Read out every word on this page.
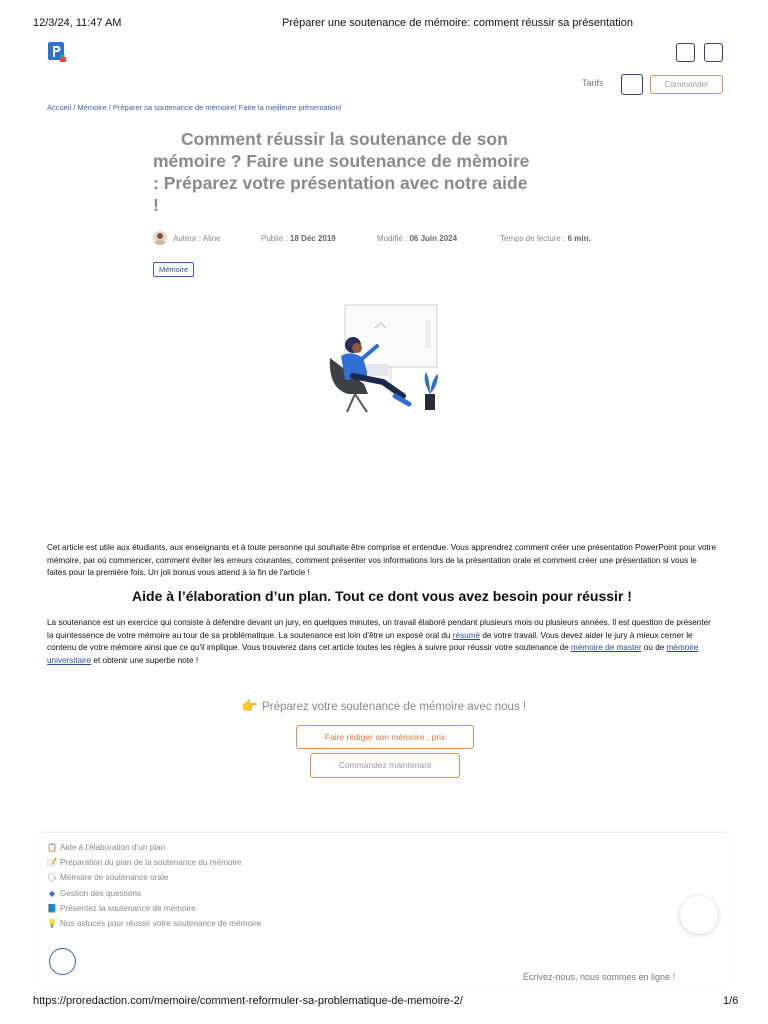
12/3/24, 11:47 AM	Préparer une soutenance de mémoire: comment réussir sa présentation
Tarifs	Commander
Accueil / Mémoire / Préparer sa soutenance de mémoire! Faire la meilleure présentation!
Comment réussir la soutenance de son mémoire ? Faire une soutenance de mèmoire : Préparez votre présentation avec notre aide !
Auteur : Aline	Publié : 18 Déc 2019	Modifié : 06 Juin 2024	Temps de lecture : 6 min.
Mémoire
Cet article est utile aux étudiants, aux enseignants et à toute personne qui souhaite être comprise et entendue. Vous apprendrez comment créer une présentation PowerPoint pour votre mémoire, par où commencer, comment éviter les erreurs courantes, comment présenter vos informations lors de la présentation orale et comment créer une présentation si vous le faites pour la première fois. Un joli bonus vous attend à la fin de l'article !
Aide à l’élaboration d’un plan. Tout ce dont vous avez besoin pour réussir !
La soutenance est un exercice qui consiste à défendre devant un jury, en quelques minutes, un travail élaboré pendant plusieurs mois ou plusieurs années. Il est question de présenter la quintessence de votre mémoire au tour de sa problématique. La soutenance est loin d'être un exposé oral du résumé de votre travail. Vous devez aider le jury à mieux cerner le contenu de votre mémoire ainsi que ce qu'il implique. Vous trouverez dans cet article toutes les règles à suivre pour réussir votre soutenance de mémoire de master ou de mémoire universitaire et obtenir une superbe note !
👉 Préparez votre soutenance de mémoire avec nous !
Faire rédiger son mémoire , prix
Commandez maintenant
📋 Aide à l’élaboration d’un plan
📝 Préparation du plan de la soutenance du mémoire
🗣 Mémoire de soutenance orale
◆ Gestion des questions
📘 Présentez la soutenance de mémoire
💡 Nos astuces pour réussir votre soutenance de mémoire
Écrivez-nous, nous sommes en ligne !
https://proredaction.com/memoire/comment-reformuler-sa-problematique-de-memoire-2/	1/6
